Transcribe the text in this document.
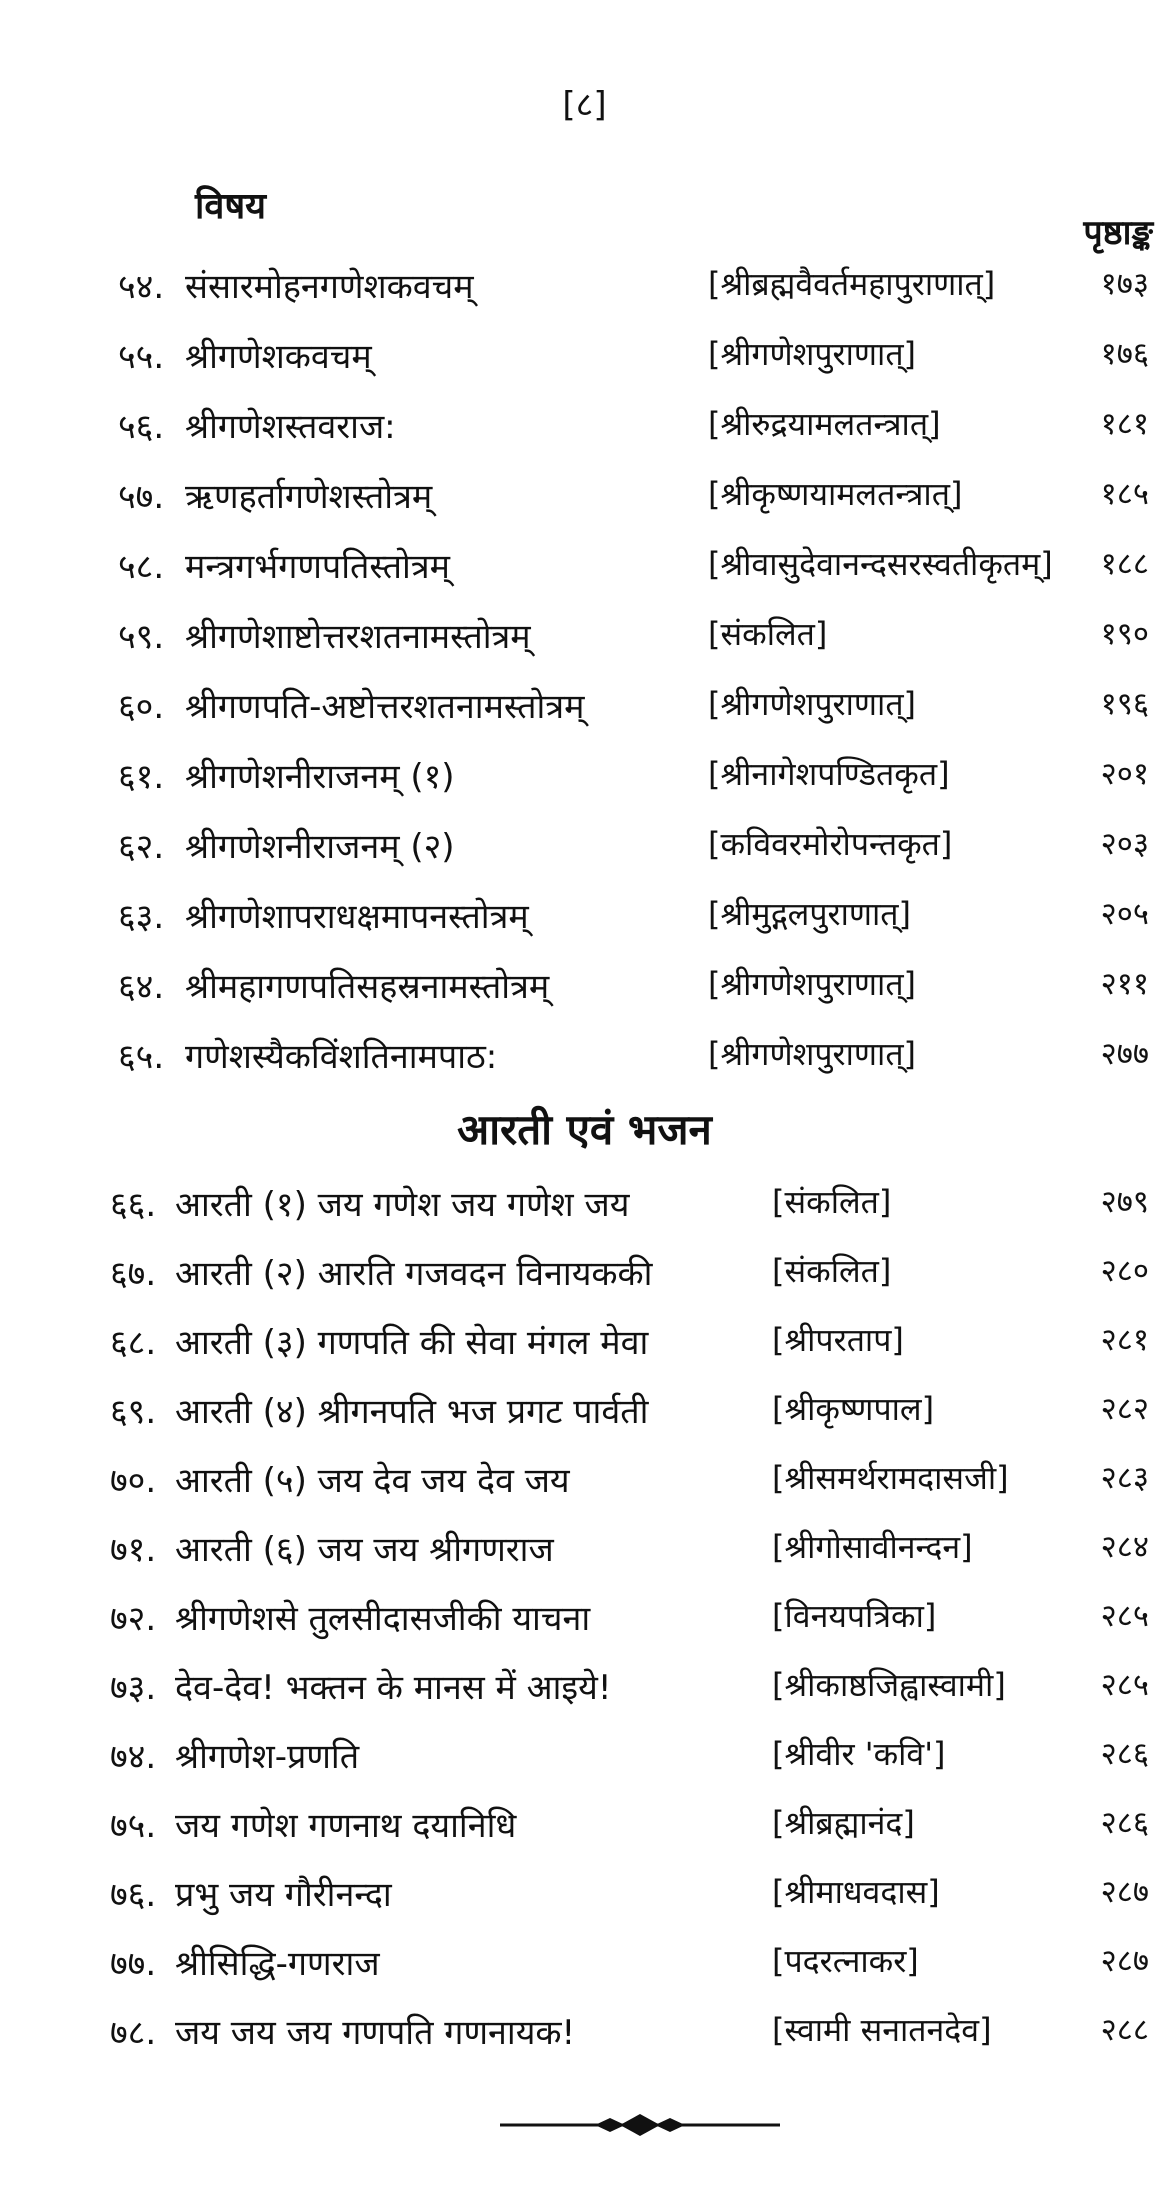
[८]
विषय
पृष्ठाङ्क
५४. संसारमोहनगणेशकवचम्	[श्रीब्रह्मवैवर्तमहापुराणात्]	१७३
५५. श्रीगणेशकवचम्	[श्रीगणेशपुराणात्]	१७६
५६. श्रीगणेशस्तवराज:	[श्रीरुद्रयामलतन्त्रात्]	१८१
५७. ऋणहर्तागणेशस्तोत्रम्	[श्रीकृष्णयामलतन्त्रात्]	१८५
५८. मन्त्रगर्भगणपतिस्तोत्रम्	[श्रीवासुदेवानन्दसरस्वतीकृतम्] १८८
५९. श्रीगणेशाष्टोत्तरशतनामस्तोत्रम्	[संकलित]	१९०
६०. श्रीगणपति-अष्टोत्तरशतनामस्तोत्रम्	[श्रीगणेशपुराणात्]	१९६
६१. श्रीगणेशनीराजनम् (१)	[श्रीनागेशपण्डितकृत]	२०१
६२. श्रीगणेशनीराजनम् (२)	[कविवरमोरोपन्तकृत]	२०३
६३. श्रीगणेशापराधक्षमापनस्तोत्रम्	[श्रीमुद्गलपुराणात्]	२०५
६४. श्रीमहागणपतिसहस्रनामस्तोत्रम्	[श्रीगणेशपुराणात्]	२११
६५. गणेशस्यैकविंशतिनामपाठ:	[श्रीगणेशपुराणात्]	२७७
आरती एवं भजन
६६. आरती (१) जय गणेश जय गणेश जय	[संकलित]	२७९
६७. आरती (२) आरति गजवदन विनायककी	[संकलित]	२८०
६८. आरती (३) गणपति की सेवा मंगल मेवा	[श्रीपरताप]	२८१
६९. आरती (४) श्रीगनपति भज प्रगट पार्वती	[श्रीकृष्णपाल]	२८२
७०. आरती (५) जय देव जय देव जय	[श्रीसमर्थरामदासजी]	२८३
७१. आरती (६) जय जय श्रीगणराज	[श्रीगोसावीनन्दन]	२८४
७२. श्रीगणेशसे तुलसीदासजीकी याचना	[विनयपत्रिका]	२८५
७३. देव-देव! भक्तन के मानस में आइये!	[श्रीकाष्ठजिह्वास्वामी]	२८५
७४. श्रीगणेश-प्रणति	[श्रीवीर 'कवि']	२८६
७५. जय गणेश गणनाथ दयानिधि	[श्रीब्रह्मानंद]	२८६
७६. प्रभु जय गौरीनन्दा	[श्रीमाधवदास]	२८७
७७. श्रीसिद्धि-गणराज	[पदरत्नाकर]	२८७
७८. जय जय जय गणपति गणनायक!	[स्वामी सनातनदेव]	२८८
